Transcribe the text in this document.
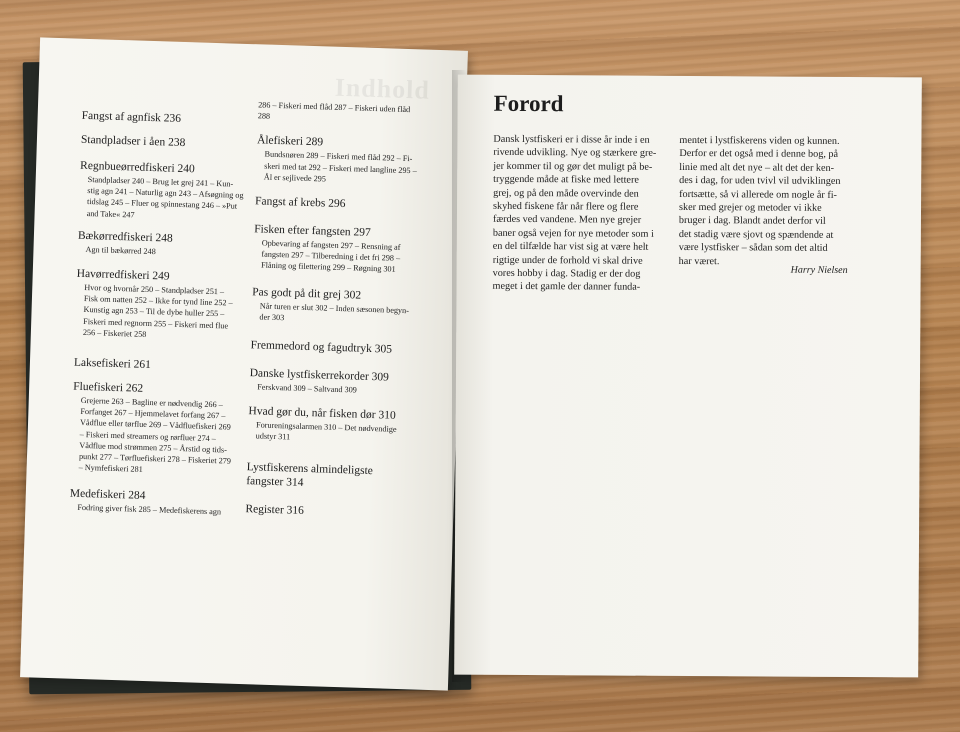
Indhold
Fangst af agnfisk 236
Standpladser i åen 238
Regnbueørredfiskeri 240
Standpladser 240 – Brug let grej 241 – Kun-
stig agn 241 – Naturlig agn 243 – Afsøgning og
tidslag 245 – Fluer og spinnestang 246 – »Put
and Take« 247
Bækørredfiskeri 248
Agn til bækørred 248
Havørredfiskeri 249
Hvor og hvornår 250 – Standpladser 251 –
Fisk om natten 252 – Ikke for tynd line 252 –
Kunstig agn 253 – Til de dybe huller 255 –
Fiskeri med regnorm 255 – Fiskeri med flue
256 – Fiskeriet 258
Laksefiskeri 261
Fluefiskeri 262
Grejerne 263 – Bagline er nødvendig 266 –
Forfanget 267 – Hjemmelavet forfang 267 –
Vådflue eller tørflue 269 – Vådfluefiskeri 269
– Fiskeri med streamers og rørfluer 274 –
Vådflue mod strømmen 275 – Årstid og tids-
punkt 277 – Tørfluefiskeri 278 – Fiskeriet 279
– Nymfefiskeri 281
Medefiskeri 284
Fodring giver fisk 285 – Medefiskerens agn
286 – Fiskeri med flåd 287 – Fiskeri uden flåd
288
Ålefiskeri 289
Bundsnøren 289 – Fiskeri med flåd 292 – Fi-
skeri med tat 292 – Fiskeri med langline 295 –
Ål er sejlivede 295
Fangst af krebs 296
Fisken efter fangsten 297
Opbevaring af fangsten 297 – Rensning af
fangsten 297 – Tilberedning i det fri 298 –
Flåning og filettering 299 – Røgning 301
Pas godt på dit grej 302
Når turen er slut 302 – Inden sæsonen begyn-
der 303
Fremmedord og fagudtryk 305
Danske lystfiskerrekorder 309
Ferskvand 309 – Saltvand 309
Hvad gør du, når fisken dør 310
Forureningsalarmen 310 – Det nødvendige
udstyr 311
Lystfiskerens almindeligste
fangster 314
Register 316
Forord
Dansk lystfiskeri er i disse år inde i en
rivende udvikling. Nye og stærkere gre-
jer kommer til og gør det muligt på be-
tryggende måde at fiske med lettere
grej, og på den måde overvinde den
skyhed fiskene får når flere og flere
færdes ved vandene. Men nye grejer
baner også vejen for nye metoder som i
en del tilfælde har vist sig at være helt
rigtige under de forhold vi skal drive
vores hobby i dag. Stadig er der dog
meget i det gamle der danner funda-
mentet i lystfiskerens viden og kunnen.
Derfor er det også med i denne bog, på
linie med alt det nye – alt det der ken-
des i dag, for uden tvivl vil udviklingen
fortsætte, så vi allerede om nogle år fi-
sker med grejer og metoder vi ikke
bruger i dag. Blandt andet derfor vil
det stadig være sjovt og spændende at
være lystfisker – sådan som det altid
har været.
Harry Nielsen
